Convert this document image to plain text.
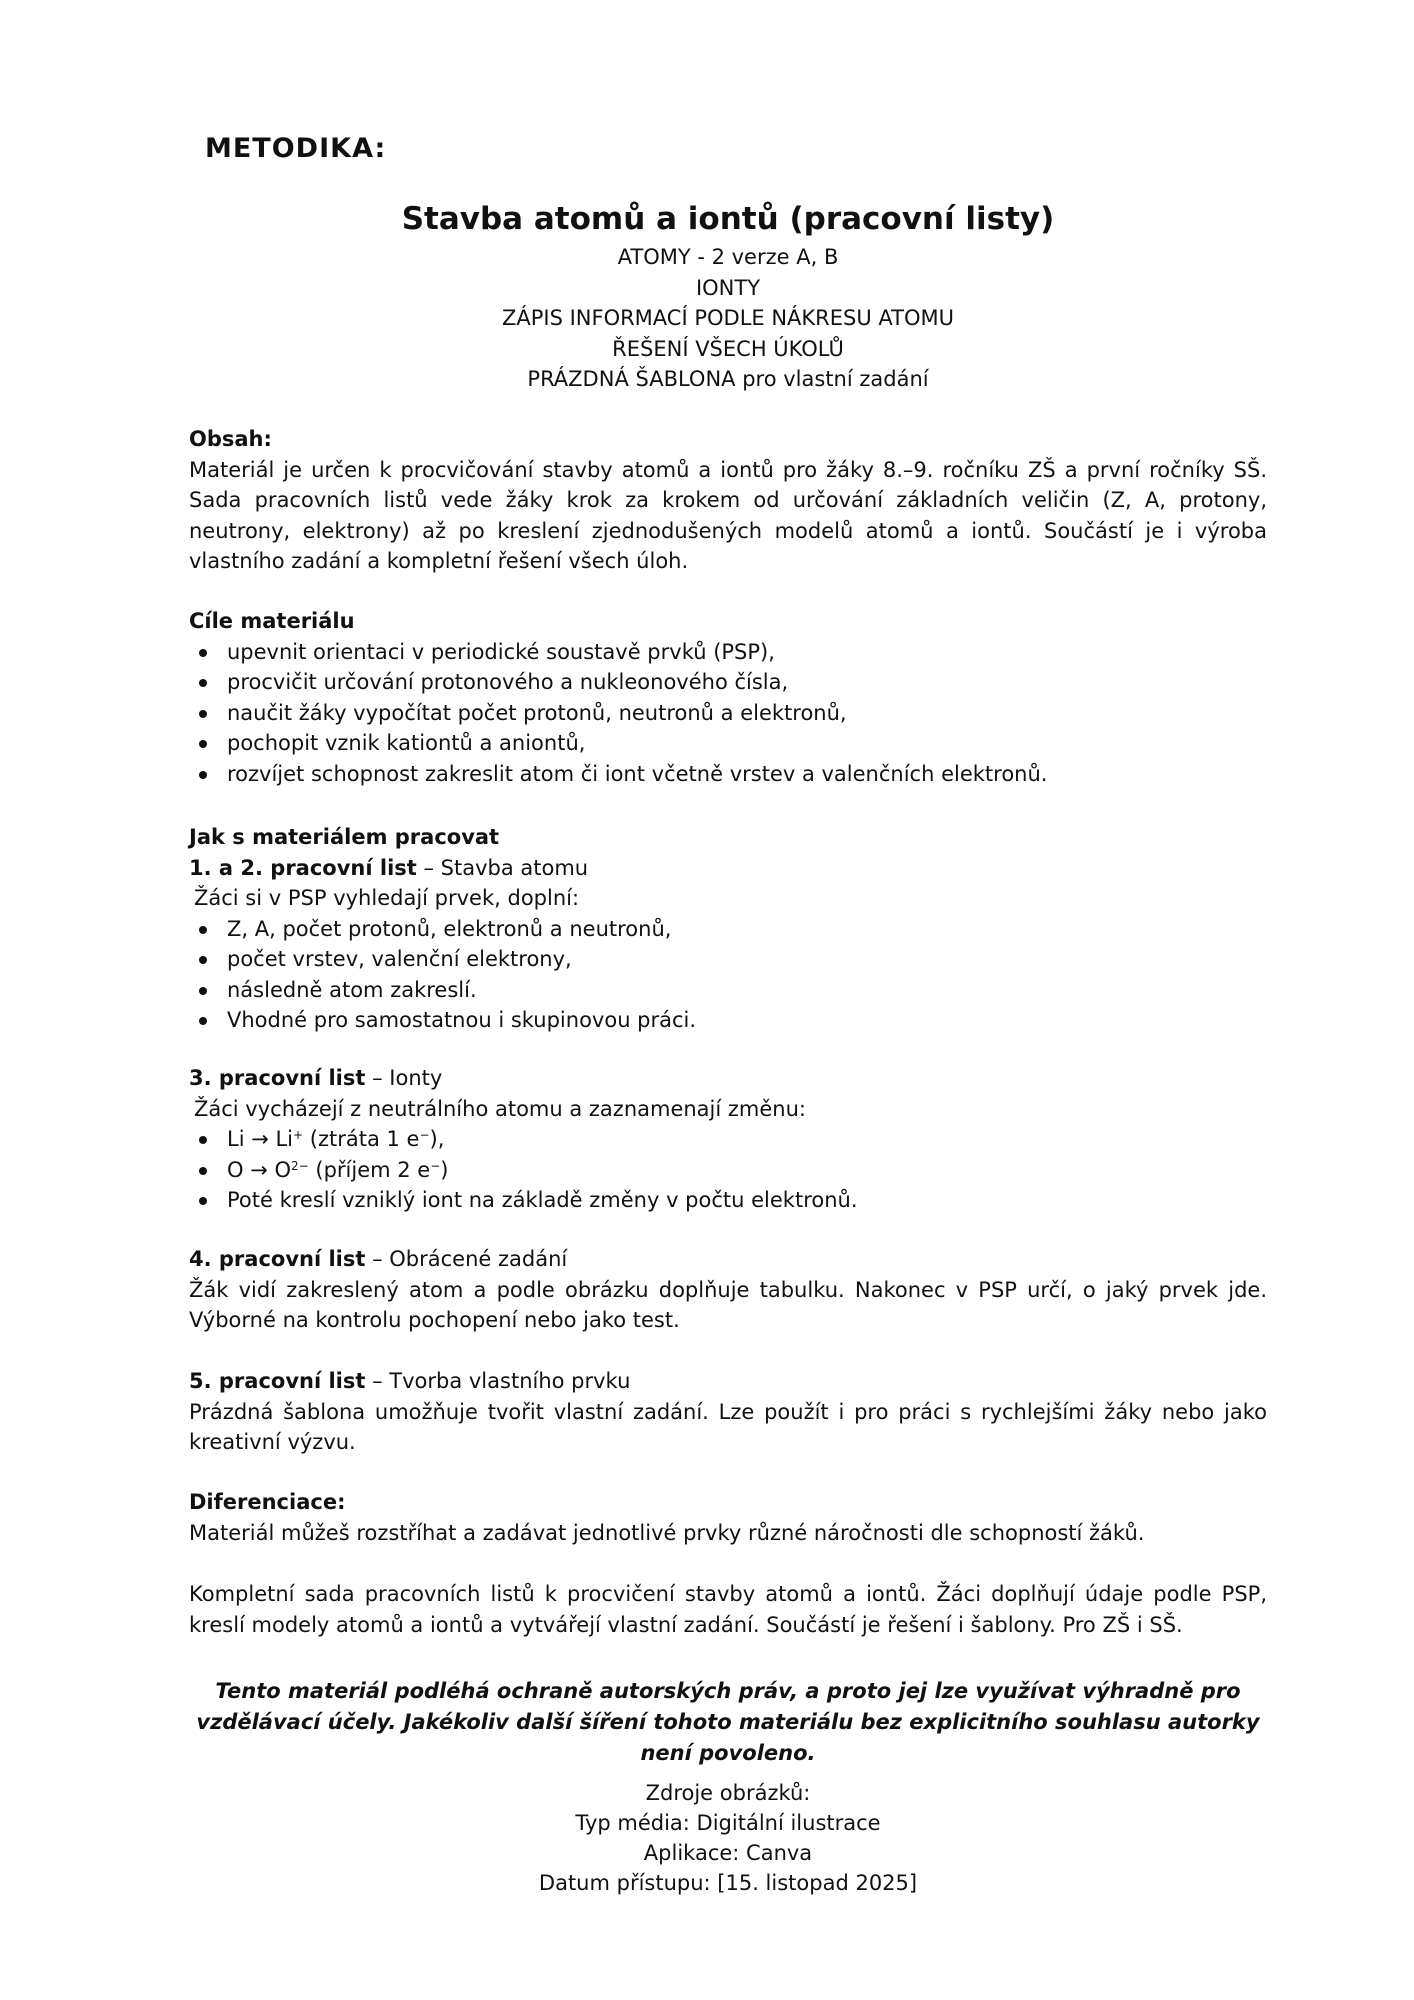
METODIKA:
Stavba atomů a iontů (pracovní listy)
ATOMY - 2 verze A, B
IONTY
ZÁPIS INFORMACÍ PODLE NÁKRESU ATOMU
ŘEŠENÍ VŠECH ÚKOLŮ
PRÁZDNÁ ŠABLONA pro vlastní zadání
Obsah:
Materiál je určen k procvičování stavby atomů a iontů pro žáky 8.–9. ročníku ZŠ a první ročníky SŠ. Sada pracovních listů vede žáky krok za krokem od určování základních veličin (Z, A, protony, neutrony, elektrony) až po kreslení zjednodušených modelů atomů a iontů. Součástí je i výroba vlastního zadání a kompletní řešení všech úloh.
Cíle materiálu
upevnit orientaci v periodické soustavě prvků (PSP),
procvičit určování protonového a nukleonového čísla,
naučit žáky vypočítat počet protonů, neutronů a elektronů,
pochopit vznik kationtů a aniontů,
rozvíjet schopnost zakreslit atom či iont včetně vrstev a valenčních elektronů.
Jak s materiálem pracovat
1. a 2. pracovní list – Stavba atomu
Žáci si v PSP vyhledají prvek, doplní:
Z, A, počet protonů, elektronů a neutronů,
počet vrstev, valenční elektrony,
následně atom zakreslí.
Vhodné pro samostatnou i skupinovou práci.
3. pracovní list – Ionty
Žáci vycházejí z neutrálního atomu a zaznamenají změnu:
Li → Li+ (ztráta 1 e−),
$O \to O^{2-}$ (příjem 2 e−)
Poté kreslí vzniklý iont na základě změny v počtu elektronů.
4. pracovní list – Obrácené zadání
Žák vidí zakreslený atom a podle obrázku doplňuje tabulku. Nakonec v PSP určí, o jaký prvek jde. Výborné na kontrolu pochopení nebo jako test.
5. pracovní list – Tvorba vlastního prvku
Prázdná šablona umožňuje tvořit vlastní zadání. Lze použít i pro práci s rychlejšími žáky nebo jako kreativní výzvu.
Diferenciace:
Materiál můžeš rozstříhat a zadávat jednotlivé prvky různé náročnosti dle schopností žáků.
Kompletní sada pracovních listů k procvičení stavby atomů a iontů. Žáci doplňují údaje podle PSP, kreslí modely atomů a iontů a vytvářejí vlastní zadání. Součástí je řešení i šablony. Pro ZŠ i SŠ.
Tento materiál podléhá ochraně autorských práv, a proto jej lze využívat výhradně pro vzdělávací účely. Jakékoliv další šíření tohoto materiálu bez explicitního souhlasu autorky není povoleno.
Zdroje obrázků:
Typ média: Digitální ilustrace
Aplikace: Canva
Datum přístupu: [15. listopad 2025]
